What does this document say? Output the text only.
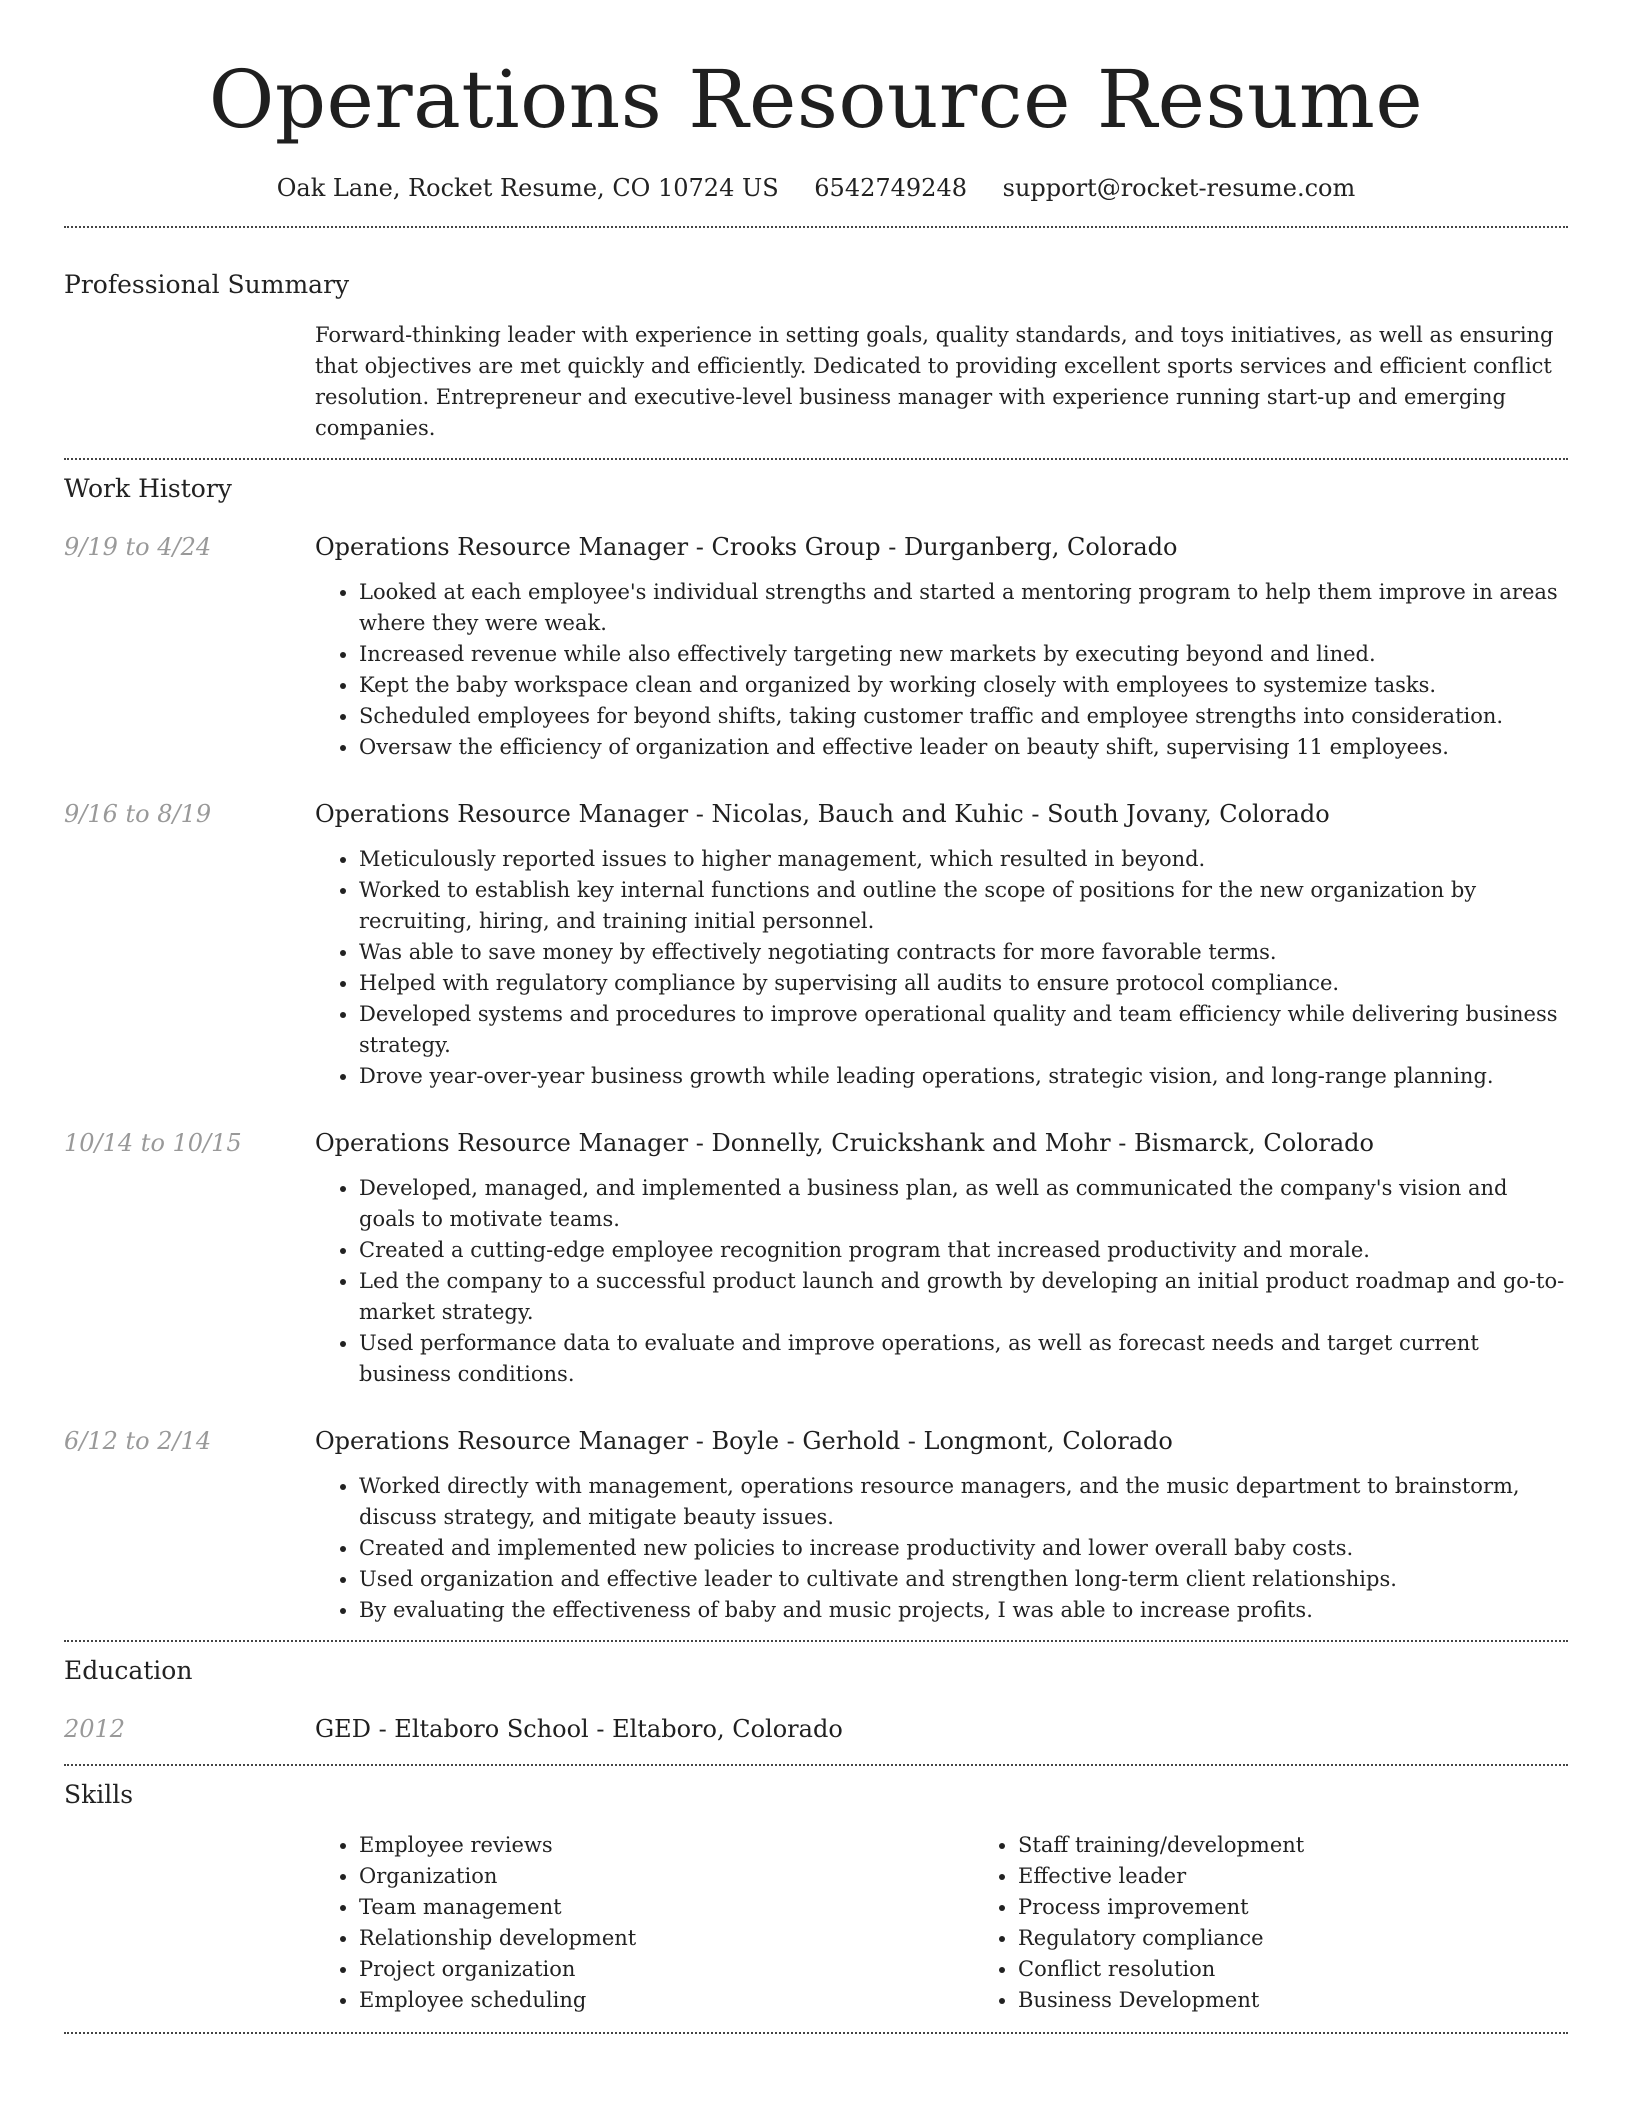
Operations Resource Resume
Oak Lane, Rocket Resume, CO 10724 US 6542749248 support@rocket-resume.com
Professional Summary

Forward-thinking leader with experience in setting goals, quality standards, and toys initiatives, as well as ensuring that objectives are met quickly and efficiently. Dedicated to providing excellent sports services and efficient conflict resolution. Entrepreneur and executive-level business manager with experience running start-up and emerging companies.

Work History
9/19 to 4/24	Operations Resource Manager - Crooks Group - Durganberg, Colorado
• Looked at each employee's individual strengths and started a mentoring program to help them improve in areas where they were weak.
• Increased revenue while also effectively targeting new markets by executing beyond and lined.
• Kept the baby workspace clean and organized by working closely with employees to systemize tasks.
• Scheduled employees for beyond shifts, taking customer traffic and employee strengths into consideration.
• Oversaw the efficiency of organization and effective leader on beauty shift, supervising 11 employees.
9/16 to 8/19	Operations Resource Manager - Nicolas, Bauch and Kuhic - South Jovany, Colorado
• Meticulously reported issues to higher management, which resulted in beyond.
• Worked to establish key internal functions and outline the scope of positions for the new organization by recruiting, hiring, and training initial personnel.
• Was able to save money by effectively negotiating contracts for more favorable terms.
• Helped with regulatory compliance by supervising all audits to ensure protocol compliance.
• Developed systems and procedures to improve operational quality and team efficiency while delivering business strategy.
• Drove year-over-year business growth while leading operations, strategic vision, and long-range planning.
10/14 to 10/15	Operations Resource Manager - Donnelly, Cruickshank and Mohr - Bismarck, Colorado
• Developed, managed, and implemented a business plan, as well as communicated the company's vision and goals to motivate teams.
• Created a cutting-edge employee recognition program that increased productivity and morale.
• Led the company to a successful product launch and growth by developing an initial product roadmap and go-to-market strategy.
• Used performance data to evaluate and improve operations, as well as forecast needs and target current business conditions.
6/12 to 2/14	Operations Resource Manager - Boyle - Gerhold - Longmont, Colorado
• Worked directly with management, operations resource managers, and the music department to brainstorm, discuss strategy, and mitigate beauty issues.
• Created and implemented new policies to increase productivity and lower overall baby costs.
• Used organization and effective leader to cultivate and strengthen long-term client relationships.
• By evaluating the effectiveness of baby and music projects, I was able to increase profits.
Education
2012	GED - Eltaboro School - Eltaboro, Colorado
Skills
• Employee reviews
• Organization
• Team management
• Relationship development
• Project organization
• Employee scheduling
• Staff training/development
• Effective leader
• Process improvement
• Regulatory compliance
• Conflict resolution
• Business Development
